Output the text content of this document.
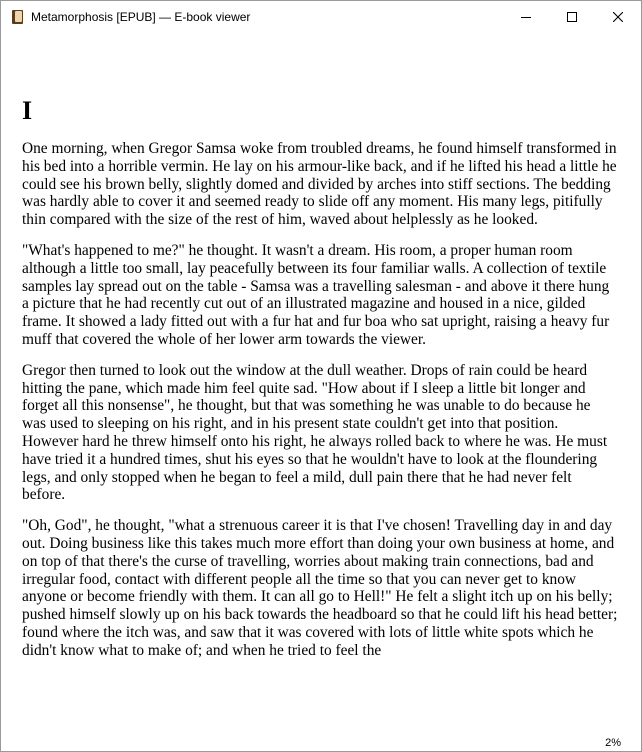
Metamorphosis [EPUB] — E-book viewer
I

One morning, when Gregor Samsa woke from troubled dreams, he found himself transformed in his bed into a horrible vermin. He lay on his armour-like back, and if he lifted his head a little he could see his brown belly, slightly domed and divided by arches into stiff sections. The bedding was hardly able to cover it and seemed ready to slide off any moment. His many legs, pitifully thin compared with the size of the rest of him, waved about helplessly as he looked.

"What's happened to me?" he thought. It wasn't a dream. His room, a proper human room although a little too small, lay peacefully between its four familiar walls. A collection of textile samples lay spread out on the table - Samsa was a travelling salesman - and above it there hung a picture that he had recently cut out of an illustrated magazine and housed in a nice, gilded frame. It showed a lady fitted out with a fur hat and fur boa who sat upright, raising a heavy fur muff that covered the whole of her lower arm towards the viewer.

Gregor then turned to look out the window at the dull weather. Drops of rain could be heard hitting the pane, which made him feel quite sad. "How about if I sleep a little bit longer and forget all this nonsense", he thought, but that was something he was unable to do because he was used to sleeping on his right, and in his present state couldn't get into that position. However hard he threw himself onto his right, he always rolled back to where he was. He must have tried it a hundred times, shut his eyes so that he wouldn't have to look at the floundering legs, and only stopped when he began to feel a mild, dull pain there that he had never felt before.

"Oh, God", he thought, "what a strenuous career it is that I've chosen! Travelling day in and day out. Doing business like this takes much more effort than doing your own business at home, and on top of that there's the curse of travelling, worries about making train connections, bad and irregular food, contact with different people all the time so that you can never get to know anyone or become friendly with them. It can all go to Hell!" He felt a slight itch up on his belly; pushed himself slowly up on his back towards the headboard so that he could lift his head better; found where the itch was, and saw that it was covered with lots of little white spots which he didn't know what to make of; and when he tried to feel the

2%
